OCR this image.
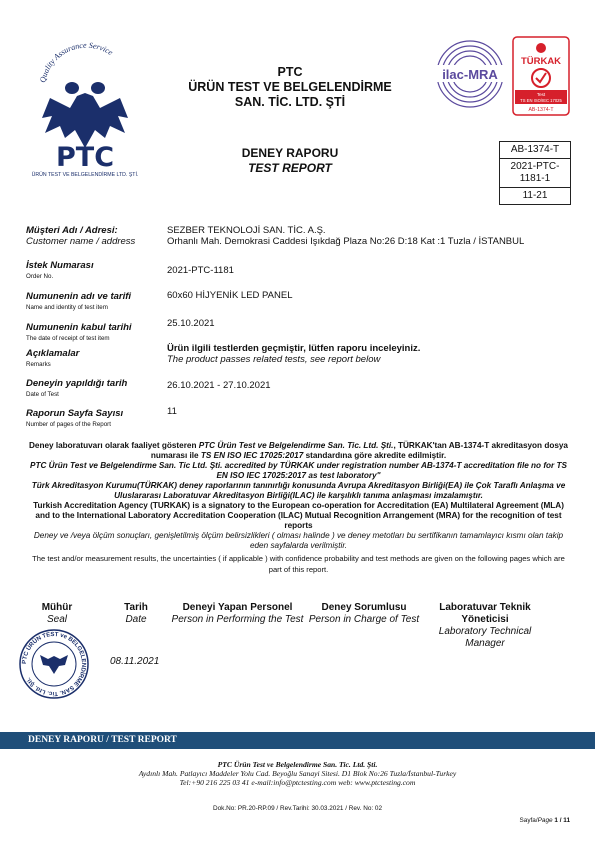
Quality Assurance Service
PTC
ÜRÜN TEST VE BELGELENDİRME LTD. ŞTİ.
PTC
ÜRÜN TEST VE BELGELENDİRME
SAN. TİC. LTD. ŞTİ
ilac-MRA
TÜRKAK
Test
TS EN ISO/IEC 17025
AB-1374-T
DENEY RAPORU
TEST REPORT
AB-1374-T
2021-PTC-1181-1
11-21
Müşteri Adı / Adresi:
Customer name / address
SEZBER TEKNOLOJİ SAN. TİC. A.Ş.
Orhanlı Mah. Demokrasi Caddesi Işıkdağ Plaza No:26 D:18 Kat :1 Tuzla / İSTANBUL
İstek Numarası
Order No.
2021-PTC-1181
Numunenin adı ve tarifi
Name and identity of test item
60x60 HİJYENİK LED PANEL
Numunenin kabul tarihi
The date of receipt of test item
25.10.2021
Açıklamalar
Remarks
Ürün ilgili testlerden geçmiştir, lütfen raporu inceleyiniz.
The product passes related tests, see report below
Deneyin yapıldığı tarih
Date of Test
26.10.2021 - 27.10.2021
Raporun Sayfa Sayısı
Number of pages of the Report
11

Deney laboratuvarı olarak faaliyet gösteren PTC Ürün Test ve Belgelendirme San. Tic. Ltd. Şti., TÜRKAK'tan AB-1374-T akreditasyon dosya numarası ile TS EN ISO IEC 17025:2017 standardına göre akredite edilmiştir.

PTC Ürün Test ve Belgelendirme San. Tic Ltd. Şti. accredited by TÜRKAK under registration number AB-1374-T accreditation file no for TS EN ISO IEC 17025:2017 as test laboratory"

Türk Akreditasyon Kurumu(TÜRKAK) deney raporlarının tanınırlığı konusunda Avrupa Akreditasyon Birliği(EA) ile Çok Taraflı Anlaşma ve Uluslararası Laboratuvar Akreditasyon Birliği(ILAC) ile karşılıklı tanıma anlaşması imzalamıştır.

Turkish Accreditation Agency (TURKAK) is a signatory to the European co-operation for Accreditation (EA) Multilateral Agreement (MLA) and to the International Laboratory Accreditation Cooperation (ILAC) Mutual Recognition Arrangement (MRA) for the recognition of test reports

Deney ve /veya ölçüm sonuçları, genişletilmiş ölçüm belirsizlikleri ( olması halinde ) ve deney metotları bu sertifikanın tamamlayıcı kısmı olan takip eden sayfalarda verilmiştir.

The test and/or measurement results, the uncertainties ( if applicable ) with confidence probability and test methods are given on the following pages which are part of this report.

Mühür
Seal
Tarih
Date
Deneyi Yapan Personel
Person in Performing the Test
Deney Sorumlusu
Person in Charge of Test
Laboratuvar Teknik Yöneticisi
Laboratory Technical Manager
PTC ÜRÜN TEST ve BELGELENDİRME SAN. Tic. Ltd. Şti.
08.11.2021
DENEY RAPORU / TEST REPORT
PTC Ürün Test ve Belgelendirme San. Tic. Ltd. Şti.
Aydınlı Mah. Patlayıcı Maddeler Yolu Cad. Beyoğlu Sanayi Sitesi. D1 Blok No:26 Tuzla/İstanbul-Turkey
Tel:+90 216 225 03 41 e-mail:info@ptctesting.com web: www.ptctesting.com
Dok.No: PR.20-RP.09 / Rev.Tarihi: 30.03.2021 / Rev. No: 02
Sayfa/Page 1 / 11
